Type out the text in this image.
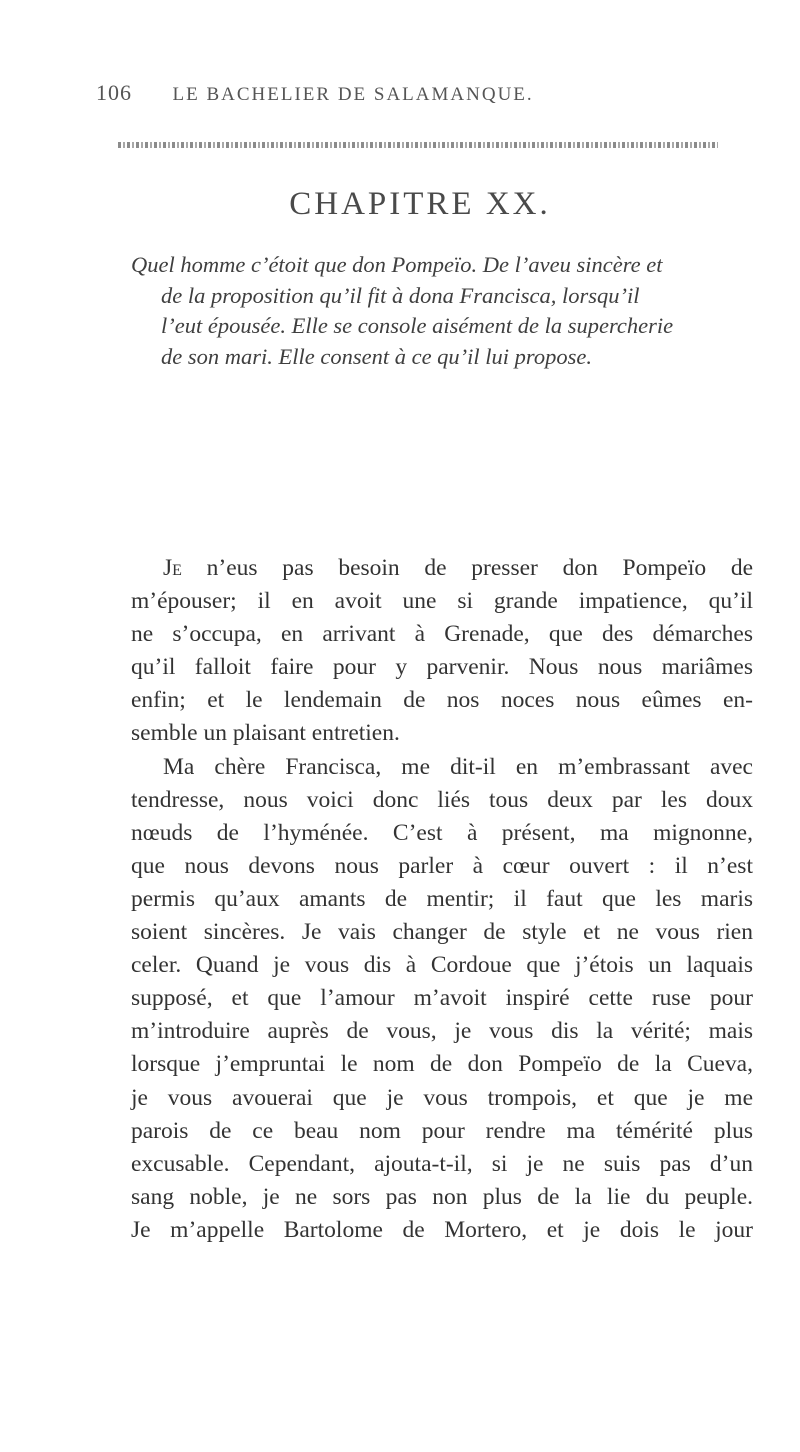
106 LE BACHELIER DE SALAMANQUE.
CHAPITRE XX.
Quel homme c’étoit que don Pompeïo. De l’aveu sincère et
de la proposition qu’il fit à dona Francisca, lorsqu’il
l’eut épousée. Elle se console aisément de la supercherie
de son mari. Elle consent à ce qu’il lui propose.
Je n’eus pas besoin de presser don Pompeïo de
m’épouser; il en avoit une si grande impatience, qu’il
ne s’occupa, en arrivant à Grenade, que des démarches
qu’il falloit faire pour y parvenir. Nous nous mariâmes
enfin; et le lendemain de nos noces nous eûmes en-
semble un plaisant entretien.
Ma chère Francisca, me dit-il en m’embrassant avec
tendresse, nous voici donc liés tous deux par les doux
nœuds de l’hyménée. C’est à présent, ma mignonne,
que nous devons nous parler à cœur ouvert : il n’est
permis qu’aux amants de mentir; il faut que les maris
soient sincères. Je vais changer de style et ne vous rien
celer. Quand je vous dis à Cordoue que j’étois un laquais
supposé, et que l’amour m’avoit inspiré cette ruse pour
m’introduire auprès de vous, je vous dis la vérité; mais
lorsque j’empruntai le nom de don Pompeïo de la Cueva,
je vous avouerai que je vous trompois, et que je me
parois de ce beau nom pour rendre ma témérité plus
excusable. Cependant, ajouta-t-il, si je ne suis pas d’un
sang noble, je ne sors pas non plus de la lie du peuple.
Je m’appelle Bartolome de Mortero, et je dois le jour
